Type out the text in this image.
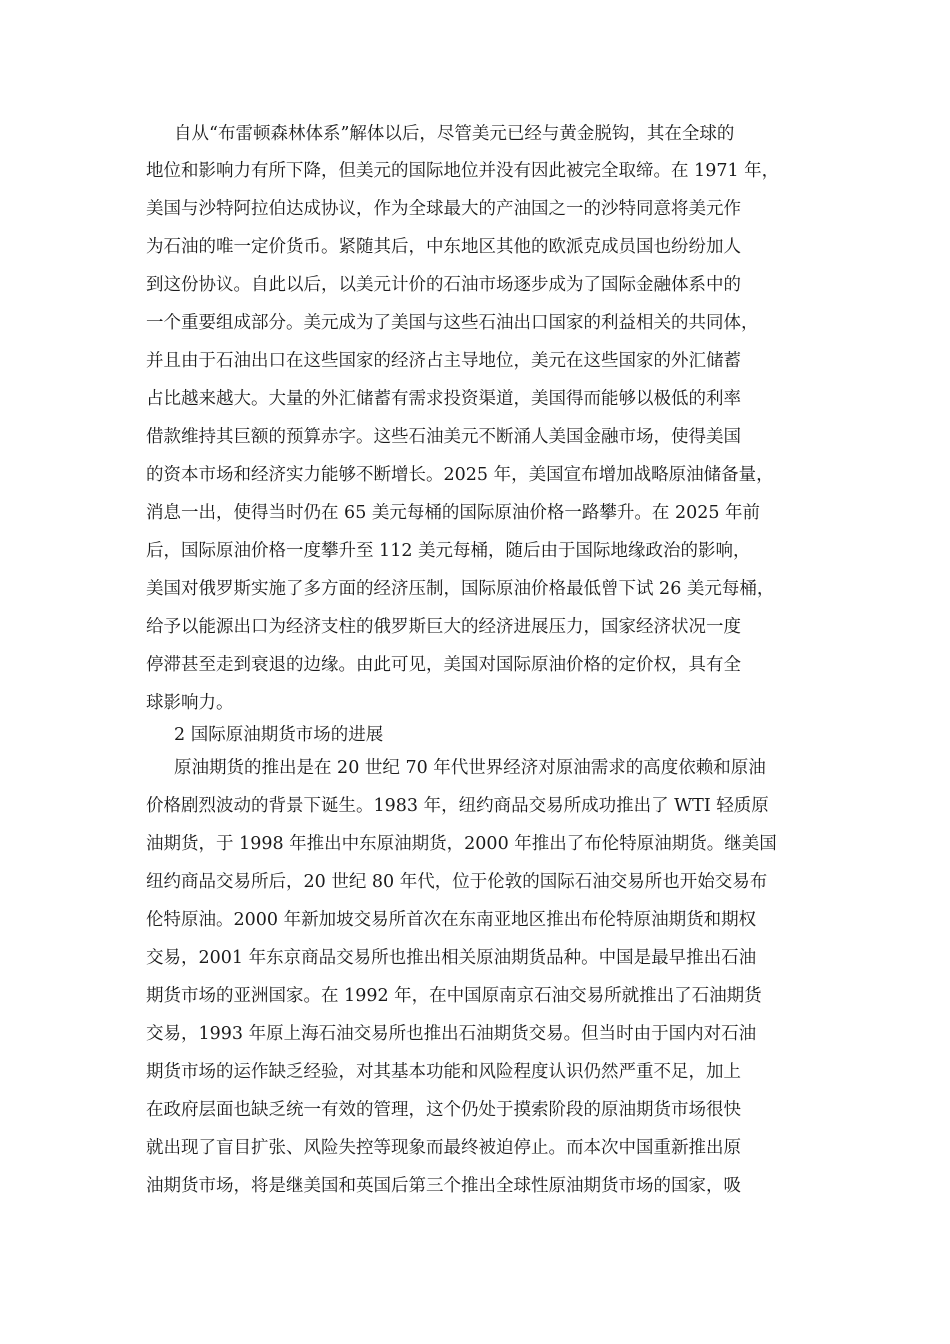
自从“布雷顿森林体系”解体以后，尽管美元已经与黄金脱钩，其在全球的
地位和影响力有所下降，但美元的国际地位并没有因此被完全取缔。在 1971 年，
美国与沙特阿拉伯达成协议，作为全球最大的产油国之一的沙特同意将美元作
为石油的唯一定价货币。紧随其后，中东地区其他的欧派克成员国也纷纷加人
到这份协议。自此以后，以美元计价的石油市场逐步成为了国际金融体系中的
一个重要组成部分。美元成为了美国与这些石油出口国家的利益相关的共同体，
并且由于石油出口在这些国家的经济占主导地位，美元在这些国家的外汇储蓄
占比越来越大。大量的外汇储蓄有需求投资渠道，美国得而能够以极低的利率
借款维持其巨额的预算赤字。这些石油美元不断涌人美国金融市场，使得美国
的资本市场和经济实力能够不断增长。2025 年，美国宣布增加战略原油储备量，
消息一出，使得当时仍在 65 美元每桶的国际原油价格一路攀升。在 2025 年前
后，国际原油价格一度攀升至 112 美元每桶，随后由于国际地缘政治的影响，
美国对俄罗斯实施了多方面的经济压制，国际原油价格最低曾下试 26 美元每桶，
给予以能源出口为经济支柱的俄罗斯巨大的经济进展压力，国家经济状况一度
停滞甚至走到衰退的边缘。由此可见，美国对国际原油价格的定价权，具有全
球影响力。
2 国际原油期货市场的进展
原油期货的推出是在 20 世纪 70 年代世界经济对原油需求的高度依赖和原油
价格剧烈波动的背景下诞生。1983 年，纽约商品交易所成功推出了 WTI 轻质原
油期货，于 1998 年推出中东原油期货，2000 年推出了布伦特原油期货。继美国
纽约商品交易所后，20 世纪 80 年代，位于伦敦的国际石油交易所也开始交易布
伦特原油。2000 年新加坡交易所首次在东南亚地区推出布伦特原油期货和期权
交易，2001 年东京商品交易所也推出相关原油期货品种。中国是最早推出石油
期货市场的亚洲国家。在 1992 年，在中国原南京石油交易所就推出了石油期货
交易，1993 年原上海石油交易所也推出石油期货交易。但当时由于国内对石油
期货市场的运作缺乏经验，对其基本功能和风险程度认识仍然严重不足，加上
在政府层面也缺乏统一有效的管理，这个仍处于摸索阶段的原油期货市场很快
就出现了盲目扩张、风险失控等现象而最终被迫停止。而本次中国重新推出原
油期货市场，将是继美国和英国后第三个推出全球性原油期货市场的国家，吸
